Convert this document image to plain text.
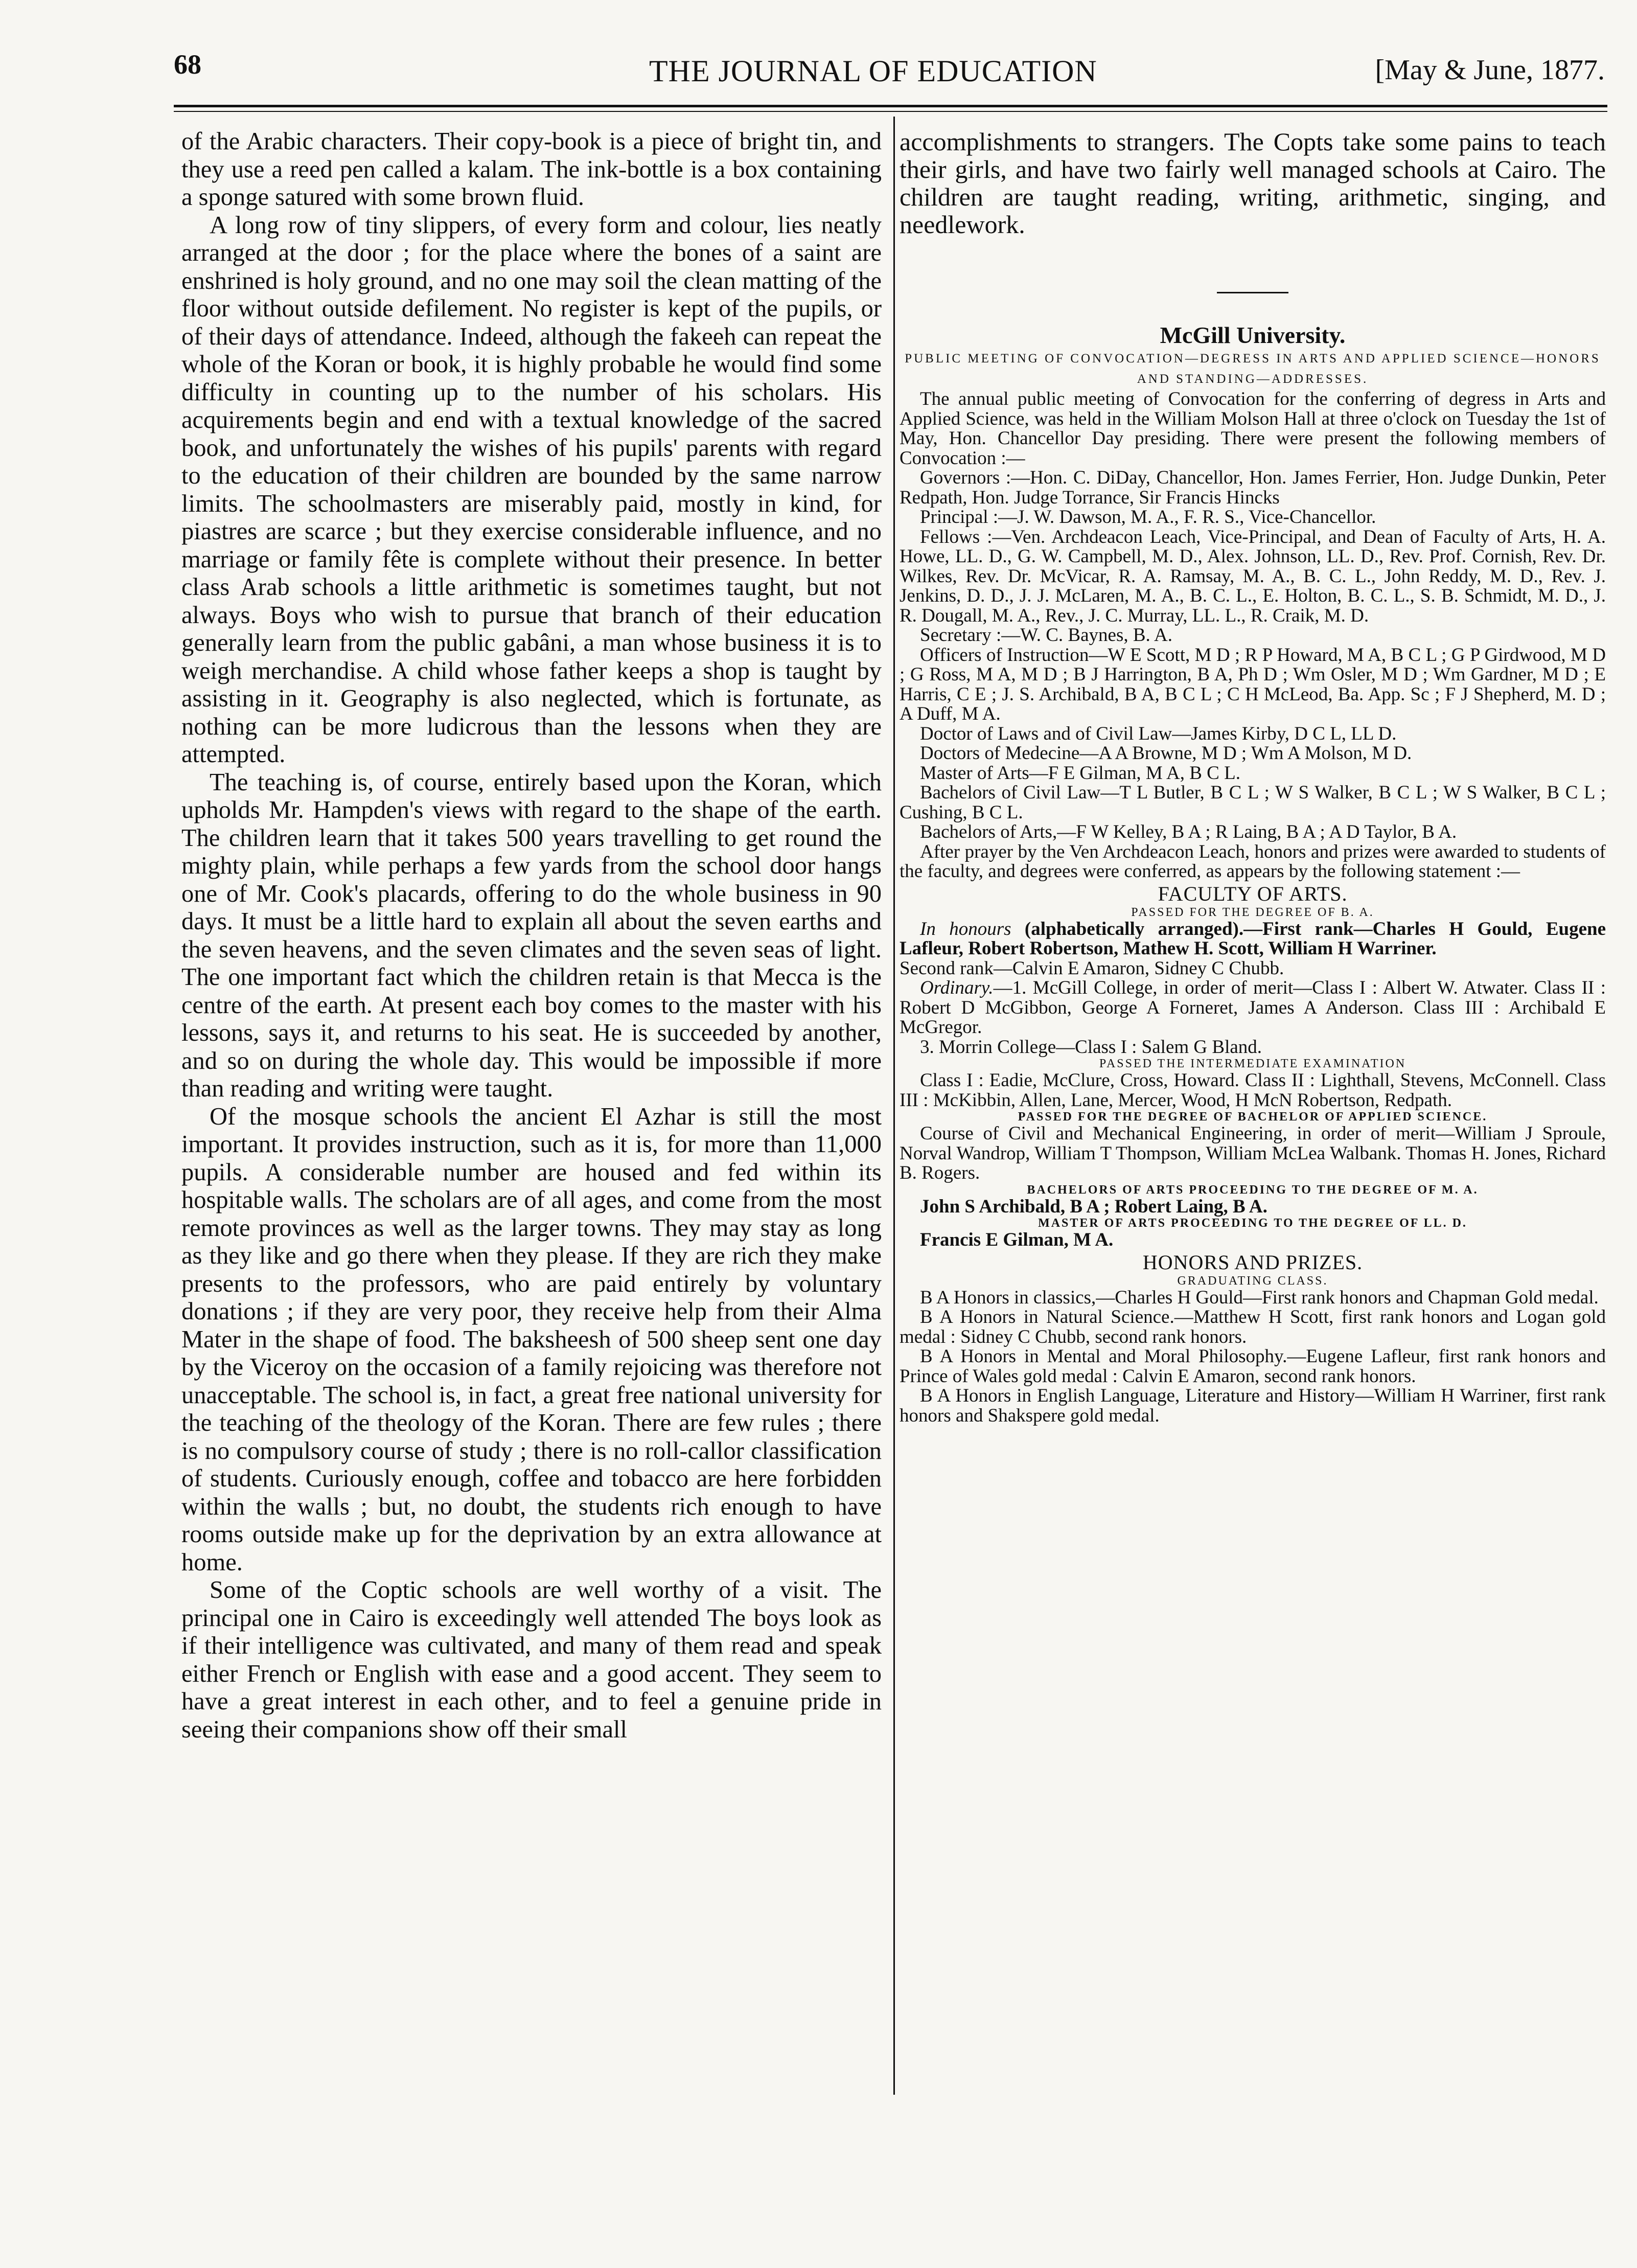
68	THE JOURNAL OF EDUCATION	[May & June, 1877.

of the Arabic characters. Their copy-book is a piece of bright tin, and they use a reed pen called a kalam. The ink-bottle is a box containing a sponge satured with some brown fluid.

A long row of tiny slippers, of every form and colour, lies neatly arranged at the door ; for the place where the bones of a saint are enshrined is holy ground, and no one may soil the clean matting of the floor without outside defilement. No register is kept of the pupils, or of their days of attendance. Indeed, although the fakeeh can repeat the whole of the Koran or book, it is highly probable he would find some difficulty in counting up to the number of his scholars. His acquirements begin and end with a textual knowledge of the sacred book, and unfortunately the wishes of his pupils' parents with regard to the education of their children are bounded by the same narrow limits. The schoolmasters are miserably paid, mostly in kind, for piastres are scarce ; but they exercise considerable influence, and no marriage or family fête is complete without their presence. In better class Arab schools a little arithmetic is sometimes taught, but not always. Boys who wish to pursue that branch of their education generally learn from the public gabâni, a man whose business it is to weigh merchandise. A child whose father keeps a shop is taught by assisting in it. Geography is also neglected, which is fortunate, as nothing can be more ludicrous than the lessons when they are attempted.

The teaching is, of course, entirely based upon the Koran, which upholds Mr. Hampden's views with regard to the shape of the earth. The children learn that it takes 500 years travelling to get round the mighty plain, while perhaps a few yards from the school door hangs one of Mr. Cook's placards, offering to do the whole business in 90 days. It must be a little hard to explain all about the seven earths and the seven heavens, and the seven climates and the seven seas of light. The one important fact which the children retain is that Mecca is the centre of the earth. At present each boy comes to the master with his lessons, says it, and returns to his seat. He is succeeded by another, and so on during the whole day. This would be impossible if more than reading and writing were taught.

Of the mosque schools the ancient El Azhar is still the most important. It provides instruction, such as it is, for more than 11,000 pupils. A considerable number are housed and fed within its hospitable walls. The scholars are of all ages, and come from the most remote provinces as well as the larger towns. They may stay as long as they like and go there when they please. If they are rich they make presents to the professors, who are paid entirely by voluntary donations ; if they are very poor, they receive help from their Alma Mater in the shape of food. The baksheesh of 500 sheep sent one day by the Viceroy on the occasion of a family rejoicing was therefore not unacceptable. The school is, in fact, a great free national university for the teaching of the theology of the Koran. There are few rules ; there is no compulsory course of study ; there is no roll-callor classification of students. Curiously enough, coffee and tobacco are here forbidden within the walls ; but, no doubt, the students rich enough to have rooms outside make up for the deprivation by an extra allowance at home.

Some of the Coptic schools are well worthy of a visit. The principal one in Cairo is exceedingly well attended The boys look as if their intelligence was cultivated, and many of them read and speak either French or English with ease and a good accent. They seem to have a great interest in each other, and to feel a genuine pride in seeing their companions show off their small

accomplishments to strangers. The Copts take some pains to teach their girls, and have two fairly well managed schools at Cairo. The children are taught reading, writing, arithmetic, singing, and needlework.

McGill University.

PUBLIC MEETING OF CONVOCATION—DEGRESS IN ARTS AND APPLIED SCIENCE—HONORS AND STANDING—ADDRESSES.

The annual public meeting of Convocation for the conferring of degress in Arts and Applied Science, was held in the William Molson Hall at three o'clock on Tuesday the 1st of May, Hon. Chancellor Day presiding. There were present the following members of Convocation :—

Governors :—Hon. C. DiDay, Chancellor, Hon. James Ferrier, Hon. Judge Dunkin, Peter Redpath, Hon. Judge Torrance, Sir Francis Hincks

Principal :—J. W. Dawson, M. A., F. R. S., Vice-Chancellor.

Fellows :—Ven. Archdeacon Leach, Vice-Principal, and Dean of Faculty of Arts, H. A. Howe, LL. D., G. W. Campbell, M. D., Alex. Johnson, LL. D., Rev. Prof. Cornish, Rev. Dr. Wilkes, Rev. Dr. McVicar, R. A. Ramsay, M. A., B. C. L., John Reddy, M. D., Rev. J. Jenkins, D. D., J. J. McLaren, M. A., B. C. L., E. Holton, B. C. L., S. B. Schmidt, M. D., J. R. Dougall, M. A., Rev., J. C. Murray, LL. L., R. Craik, M. D.

Secretary :—W. C. Baynes, B. A.

Officers of Instruction—W E Scott, M D ; R P Howard, M A, B C L ; G P Girdwood, M D ; G Ross, M A, M D ; B J Harrington, B A, Ph D ; Wm Osler, M D ; Wm Gardner, M D ; E Harris, C E ; J. S. Archibald, B A, B C L ; C H McLeod, Ba. App. Sc ; F J Shepherd, M. D ; A Duff, M A.

Doctor of Laws and of Civil Law—James Kirby, D C L, LL D.

Doctors of Medecine—A A Browne, M D ; Wm A Molson, M D.

Master of Arts—F E Gilman, M A, B C L.

Bachelors of Civil Law—T L Butler, B C L ; W S Walker, B C L ; W S Walker, B C L ; Cushing, B C L.

Bachelors of Arts,—F W Kelley, B A ; R Laing, B A ; A D Taylor, B A.

After prayer by the Ven Archdeacon Leach, honors and prizes were awarded to students of the faculty, and degrees were conferred, as appears by the following statement :—

FACULTY OF ARTS.

PASSED FOR THE DEGREE OF B. A.

In honours (alphabetically arranged).—First rank—Charles H Gould, Eugene Lafleur, Robert Robertson, Mathew H. Scott, William H Warriner.

Second rank—Calvin E Amaron, Sidney C Chubb.

Ordinary.—1. McGill College, in order of merit—Class I : Albert W. Atwater. Class II : Robert D McGibbon, George A Forneret, James A Anderson. Class III : Archibald E McGregor.

3. Morrin College—Class I : Salem G Bland.

PASSED THE INTERMEDIATE EXAMINATION

Class I : Eadie, McClure, Cross, Howard. Class II : Lighthall, Stevens, McConnell. Class III : McKibbin, Allen, Lane, Mercer, Wood, H McN Robertson, Redpath.

PASSED FOR THE DEGREE OF BACHELOR OF APPLIED SCIENCE.

Course of Civil and Mechanical Engineering, in order of merit—William J Sproule, Norval Wandrop, William T Thompson, William McLea Walbank. Thomas H. Jones, Richard B. Rogers.

BACHELORS OF ARTS PROCEEDING TO THE DEGREE OF M. A.

John S Archibald, B A ; Robert Laing, B A.

MASTER OF ARTS PROCEEDING TO THE DEGREE OF LL. D.

Francis E Gilman, M A.

HONORS AND PRIZES.

GRADUATING CLASS.

B A Honors in classics,—Charles H Gould—First rank honors and Chapman Gold medal.

B A Honors in Natural Science.—Matthew H Scott, first rank honors and Logan gold medal : Sidney C Chubb, second rank honors.

B A Honors in Mental and Moral Philosophy.—Eugene Lafleur, first rank honors and Prince of Wales gold medal : Calvin E Amaron, second rank honors.

B A Honors in English Language, Literature and History—William H Warriner, first rank honors and Shakspere gold medal.
